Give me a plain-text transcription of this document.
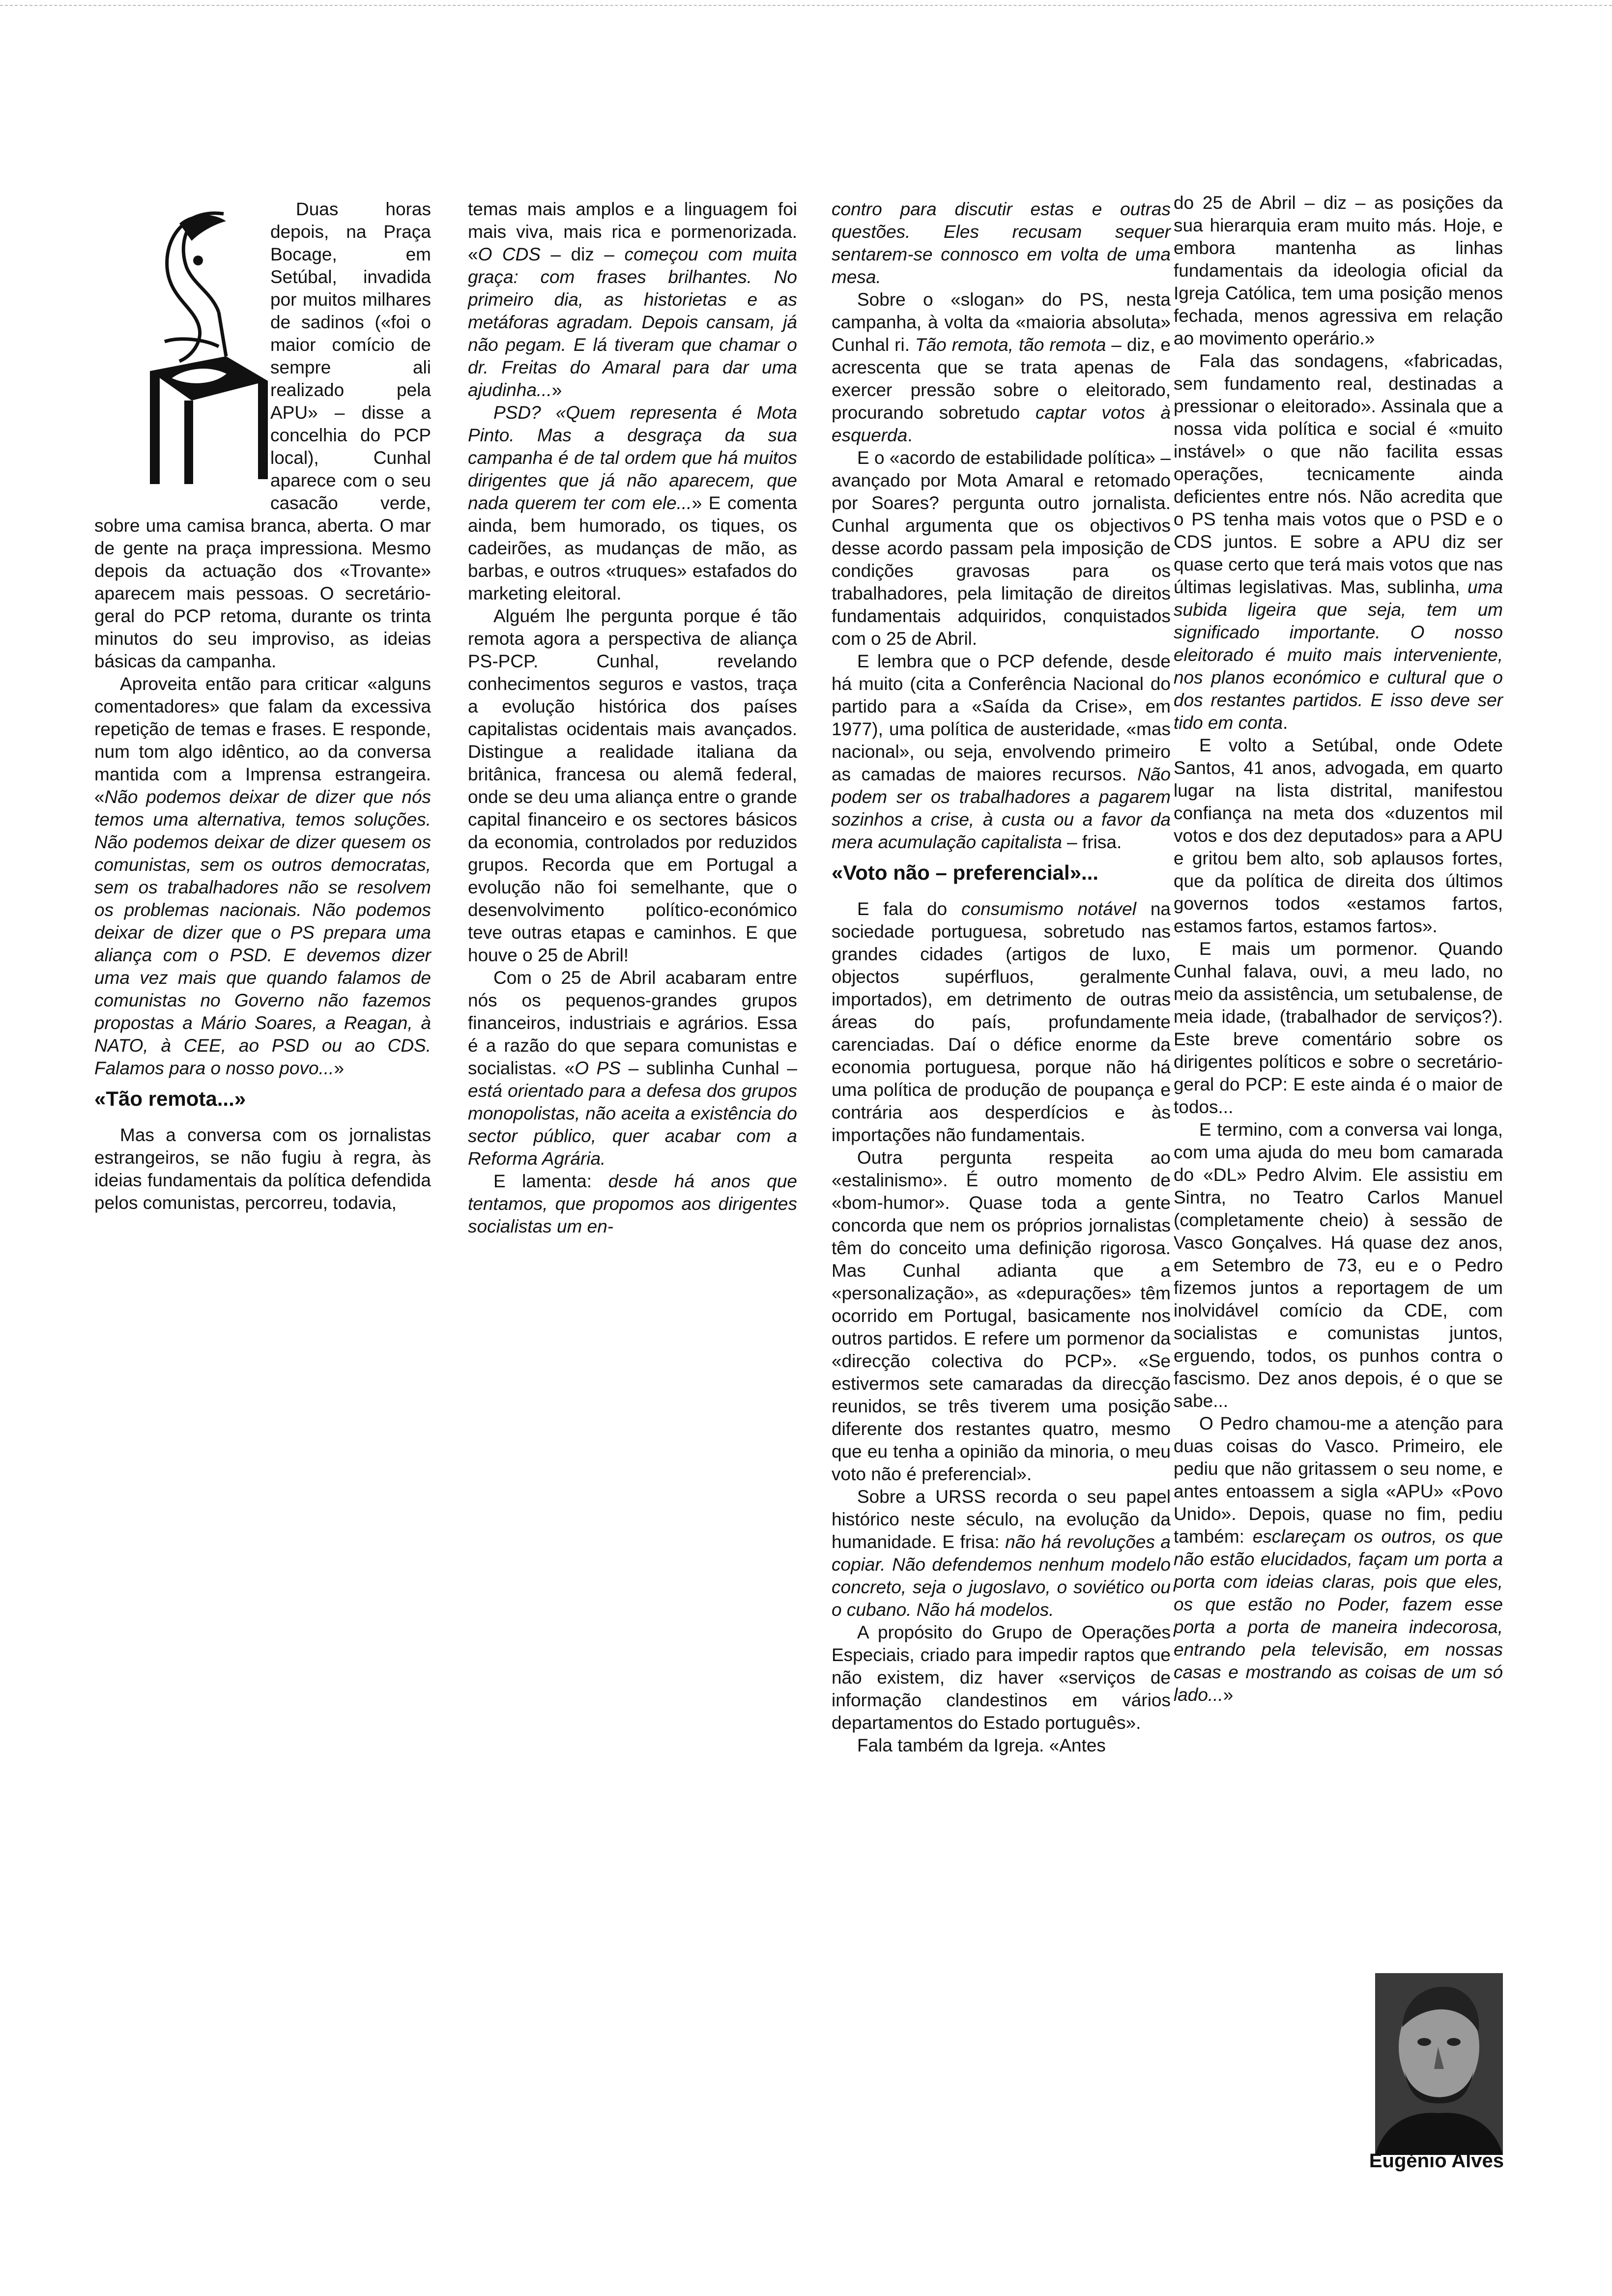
Duas horas depois, na Praça Bocage, em Setúbal, invadida por muitos milhares de sadinos («foi o maior comício de sempre ali realizado pela APU» – disse a concelhia do PCP local), Cunhal aparece com o seu casacão verde, sobre uma camisa branca, aberta. O mar de gente na praça impressiona. Mesmo depois da actuação dos «Trovante» aparecem mais pessoas. O secretário-geral do PCP retoma, durante os trinta minutos do seu improviso, as ideias básicas da campanha.

Aproveita então para criticar «alguns comentadores» que falam da excessiva repetição de temas e frases. E responde, num tom algo idêntico, ao da conversa mantida com a Imprensa estrangeira. «Não podemos deixar de dizer que nós temos uma alternativa, temos soluções. Não podemos deixar de dizer quesem os comunistas, sem os outros democratas, sem os trabalhadores não se resolvem os problemas nacionais. Não podemos deixar de dizer que o PS prepara uma aliança com o PSD. E devemos dizer uma vez mais que quando falamos de comunistas no Governo não fazemos propostas a Mário Soares, a Reagan, à NATO, à CEE, ao PSD ou ao CDS. Falamos para o nosso povo...»

«Tão remota...»

Mas a conversa com os jornalistas estrangeiros, se não fugiu à regra, às ideias fundamentais da política defendida pelos comunistas, percorreu, todavia,

temas mais amplos e a linguagem foi mais viva, mais rica e pormenorizada. «O CDS – diz – começou com muita graça: com frases brilhantes. No primeiro dia, as historietas e as metáforas agradam. Depois cansam, já não pegam. E lá tiveram que chamar o dr. Freitas do Amaral para dar uma ajudinha...»

PSD? «Quem representa é Mota Pinto. Mas a desgraça da sua campanha é de tal ordem que há muitos dirigentes que já não aparecem, que nada querem ter com ele...» E comenta ainda, bem humorado, os tiques, os cadeirões, as mudanças de mão, as barbas, e outros «truques» estafados do marketing eleitoral.

Alguém lhe pergunta porque é tão remota agora a perspectiva de aliança PS-PCP. Cunhal, revelando conhecimentos seguros e vastos, traça a evolução histórica dos países capitalistas ocidentais mais avançados. Distingue a realidade italiana da britânica, francesa ou alemã federal, onde se deu uma aliança entre o grande capital financeiro e os sectores básicos da economia, controlados por reduzidos grupos. Recorda que em Portugal a evolução não foi semelhante, que o desenvolvimento político-económico teve outras etapas e caminhos. E que houve o 25 de Abril!

Com o 25 de Abril acabaram entre nós os pequenos-grandes grupos financeiros, industriais e agrários. Essa é a razão do que separa comunistas e socialistas. «O PS – sublinha Cunhal – está orientado para a defesa dos grupos monopolistas, não aceita a existência do sector público, quer acabar com a Reforma Agrária.

E lamenta: desde há anos que tentamos, que propomos aos dirigentes socialistas um en-

contro para discutir estas e outras questões. Eles recusam sequer sentarem-se connosco em volta de uma mesa.

Sobre o «slogan» do PS, nesta campanha, à volta da «maioria absoluta» Cunhal ri. Tão remota, tão remota – diz, e acrescenta que se trata apenas de exercer pressão sobre o eleitorado, procurando sobretudo captar votos à esquerda.

E o «acordo de estabilidade política» – avançado por Mota Amaral e retomado por Soares? pergunta outro jornalista. Cunhal argumenta que os objectivos desse acordo passam pela imposição de condições gravosas para os trabalhadores, pela limitação de direitos fundamentais adquiridos, conquistados com o 25 de Abril.

E lembra que o PCP defende, desde há muito (cita a Conferência Nacional do partido para a «Saída da Crise», em 1977), uma política de austeridade, «mas nacional», ou seja, envolvendo primeiro as camadas de maiores recursos. Não podem ser os trabalhadores a pagarem sozinhos a crise, à custa ou a favor da mera acumulação capitalista – frisa.

«Voto não – preferencial»...

E fala do consumismo notável na sociedade portuguesa, sobretudo nas grandes cidades (artigos de luxo, objectos supérfluos, geralmente importados), em detrimento de outras áreas do país, profundamente carenciadas. Daí o défice enorme da economia portuguesa, porque não há uma política de produção de poupança e contrária aos desperdícios e às importações não fundamentais.

Outra pergunta respeita ao «estalinismo». É outro momento de «bom-humor». Quase toda a gente concorda que nem os próprios jornalistas têm do conceito uma definição rigorosa. Mas Cunhal adianta que a «personalização», as «depurações» têm ocorrido em Portugal, basicamente nos outros partidos. E refere um pormenor da «direcção colectiva do PCP». «Se estivermos sete camaradas da direcção reunidos, se três tiverem uma posição diferente dos restantes quatro, mesmo que eu tenha a opinião da minoria, o meu voto não é preferencial».

Sobre a URSS recorda o seu papel histórico neste século, na evolução da humanidade. E frisa: não há revoluções a copiar. Não defendemos nenhum modelo concreto, seja o jugoslavo, o soviético ou o cubano. Não há modelos.

A propósito do Grupo de Operações Especiais, criado para impedir raptos que não existem, diz haver «serviços de informação clandestinos em vários departamentos do Estado português».

Fala também da Igreja. «Antes

do 25 de Abril – diz – as posições da sua hierarquia eram muito más. Hoje, e embora mantenha as linhas fundamentais da ideologia oficial da Igreja Católica, tem uma posição menos fechada, menos agressiva em relação ao movimento operário.»

Fala das sondagens, «fabricadas, sem fundamento real, destinadas a pressionar o eleitorado». Assinala que a nossa vida política e social é «muito instável» o que não facilita essas operações, tecnicamente ainda deficientes entre nós. Não acredita que o PS tenha mais votos que o PSD e o CDS juntos. E sobre a APU diz ser quase certo que terá mais votos que nas últimas legislativas. Mas, sublinha, uma subida ligeira que seja, tem um significado importante. O nosso eleitorado é muito mais interveniente, nos planos económico e cultural que o dos restantes partidos. E isso deve ser tido em conta.

E volto a Setúbal, onde Odete Santos, 41 anos, advogada, em quarto lugar na lista distrital, manifestou confiança na meta dos «duzentos mil votos e dos dez deputados» para a APU e gritou bem alto, sob aplausos fortes, que da política de direita dos últimos governos todos «estamos fartos, estamos fartos, estamos fartos».

E mais um pormenor. Quando Cunhal falava, ouvi, a meu lado, no meio da assistência, um setubalense, de meia idade, (trabalhador de serviços?). Este breve comentário sobre os dirigentes políticos e sobre o secretário-geral do PCP: E este ainda é o maior de todos...

E termino, com a conversa vai longa, com uma ajuda do meu bom camarada do «DL» Pedro Alvim. Ele assistiu em Sintra, no Teatro Carlos Manuel (completamente cheio) à sessão de Vasco Gonçalves. Há quase dez anos, em Setembro de 73, eu e o Pedro fizemos juntos a reportagem de um inolvidável comício da CDE, com socialistas e comunistas juntos, erguendo, todos, os punhos contra o fascismo. Dez anos depois, é o que se sabe...

O Pedro chamou-me a atenção para duas coisas do Vasco. Primeiro, ele pediu que não gritassem o seu nome, e antes entoassem a sigla «APU» «Povo Unido». Depois, quase no fim, pediu também: esclareçam os outros, os que não estão elucidados, façam um porta a porta com ideias claras, pois que eles, os que estão no Poder, fazem esse porta a porta de maneira indecorosa, entrando pela televisão, em nossas casas e mostrando as coisas de um só lado...»

Eugénio Alves
